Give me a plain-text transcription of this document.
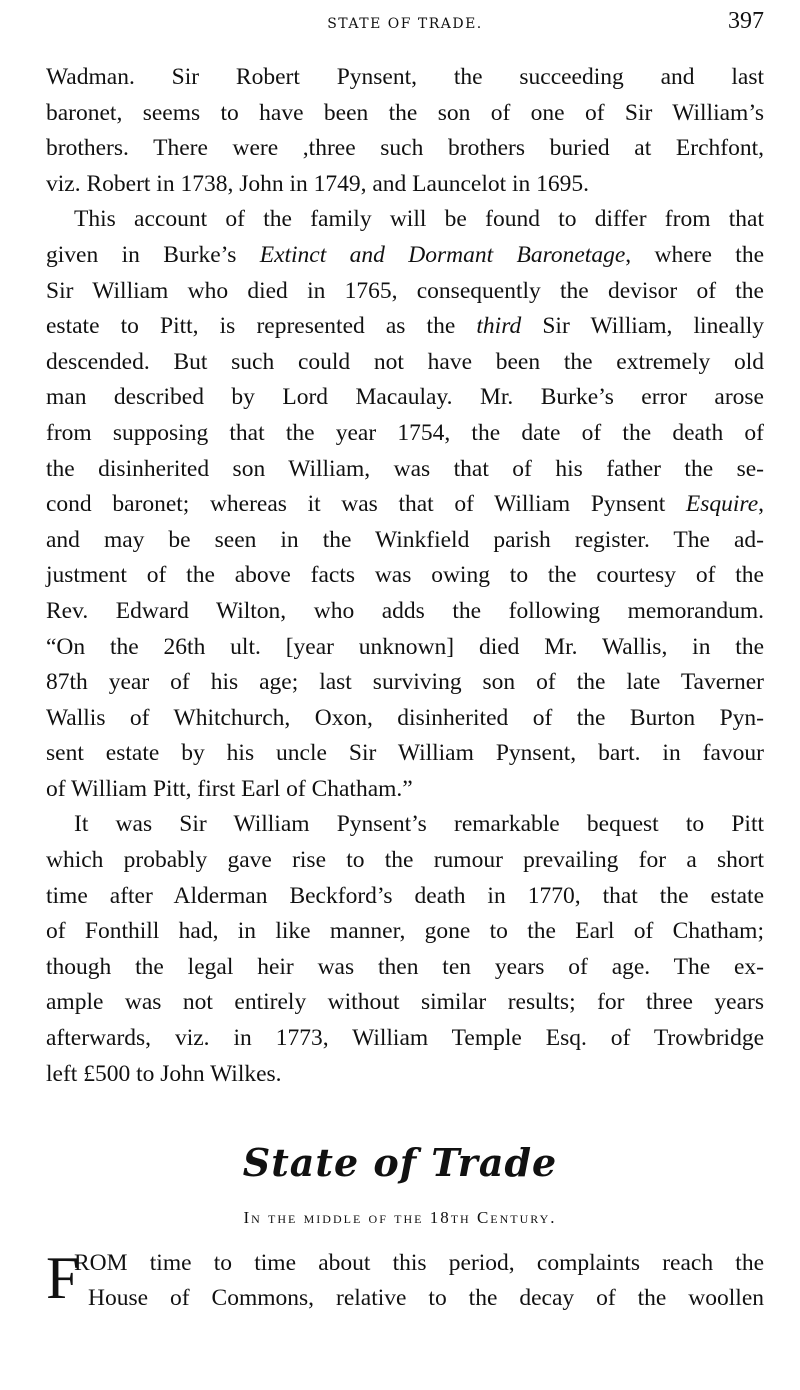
STATE OF TRADE.	397

Wadman. Sir Robert Pynsent, the succeeding and last
baronet, seems to have been the son of one of Sir William’s
brothers. There were ,three such brothers buried at Erchfont,
viz. Robert in 1738, John in 1749, and Launcelot in 1695.

This account of the family will be found to differ from that
given in Burke’s Extinct and Dormant Baronetage, where the
Sir William who died in 1765, consequently the devisor of the
estate to Pitt, is represented as the third Sir William, lineally
descended. But such could not have been the extremely old
man described by Lord Macaulay. Mr. Burke’s error arose
from supposing that the year 1754, the date of the death of
the disinherited son William, was that of his father the se-
cond baronet; whereas it was that of William Pynsent Esquire,
and may be seen in the Winkfield parish register. The ad-
justment of the above facts was owing to the courtesy of the
Rev. Edward Wilton, who adds the following memorandum.
“On the 26th ult. [year unknown] died Mr. Wallis, in the
87th year of his age; last surviving son of the late Taverner
Wallis of Whitchurch, Oxon, disinherited of the Burton Pyn-
sent estate by his uncle Sir William Pynsent, bart. in favour
of William Pitt, first Earl of Chatham.”

It was Sir William Pynsent’s remarkable bequest to Pitt
which probably gave rise to the rumour prevailing for a short
time after Alderman Beckford’s death in 1770, that the estate
of Fonthill had, in like manner, gone to the Earl of Chatham;
though the legal heir was then ten years of age. The ex-
ample was not entirely without similar results; for three years
afterwards, viz. in 1773, William Temple Esq. of Trowbridge
left £500 to John Wilkes.

State of Trade
In the middle of the 18th Century.
F
ROM time to time about this period, complaints reach the
House of Commons, relative to the decay of the woollen
